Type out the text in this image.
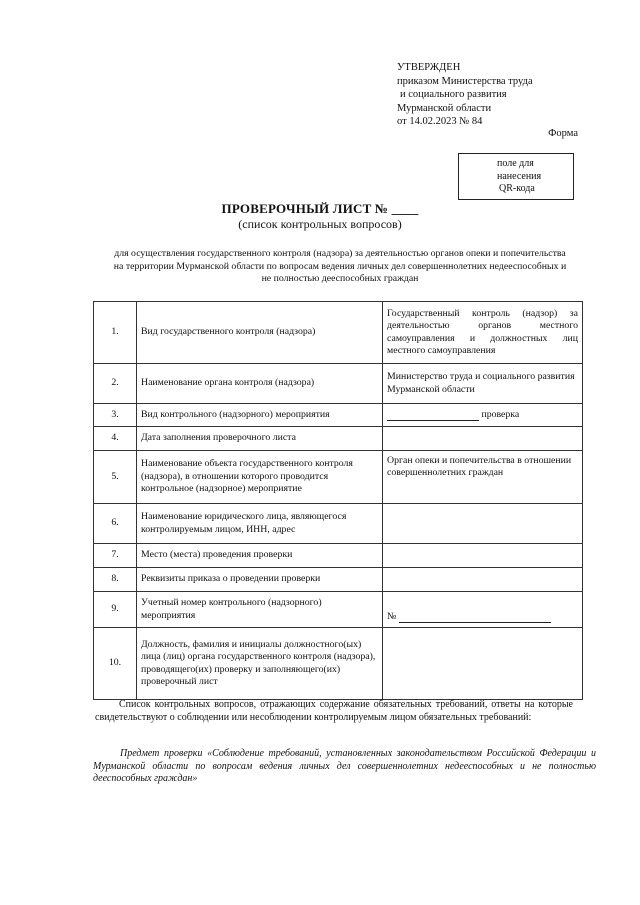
УТВЕРЖДЕН
приказом Министерства труда
и социального развития
Мурманской области
от 14.02.2023 № 84
Форма
поле для
нанесения
QR-кода
ПРОВЕРОЧНЫЙ ЛИСТ № ____
(список контрольных вопросов)
для осуществления государственного контроля (надзора) за деятельностью органов опеки и попечительства на территории Мурманской области по вопросам ведения личных дел совершеннолетних недееспособных и не полностью дееспособных граждан
1.	Вид государственного контроля (надзора)	Государственный контроль (надзор) за деятельностью органов местного самоуправления и должностных лиц местного самоуправления
2.	Наименование органа контроля (надзора)	Министерство труда и социального развития Мурманской области
3.	Вид контрольного (надзорного) мероприятия	проверка
4.	Дата заполнения проверочного листа	
5.	Наименование объекта государственного контроля (надзора), в отношении которого проводится контрольное (надзорное) мероприятие	Орган опеки и попечительства в отношении совершеннолетних граждан
6.	Наименование юридического лица, являющегося контролируемым лицом, ИНН, адрес	
7.	Место (места) проведения проверки	
8.	Реквизиты приказа о проведении проверки	
9.	Учетный номер контрольного (надзорного) мероприятия	№
10.	Должность, фамилия и инициалы должностного(ых) лица (лиц) органа государственного контроля (надзора), проводящего(их) проверку и заполняющего(их) проверочный лист	
Список контрольных вопросов, отражающих содержание обязательных требований, ответы на которые свидетельствуют о соблюдении или несоблюдении контролируемым лицом обязательных требований:
Предмет проверки «Соблюдение требований, установленных законодательством Российской Федерации и Мурманской области по вопросам ведения личных дел совершеннолетних недееспособных и не полностью дееспособных граждан»
